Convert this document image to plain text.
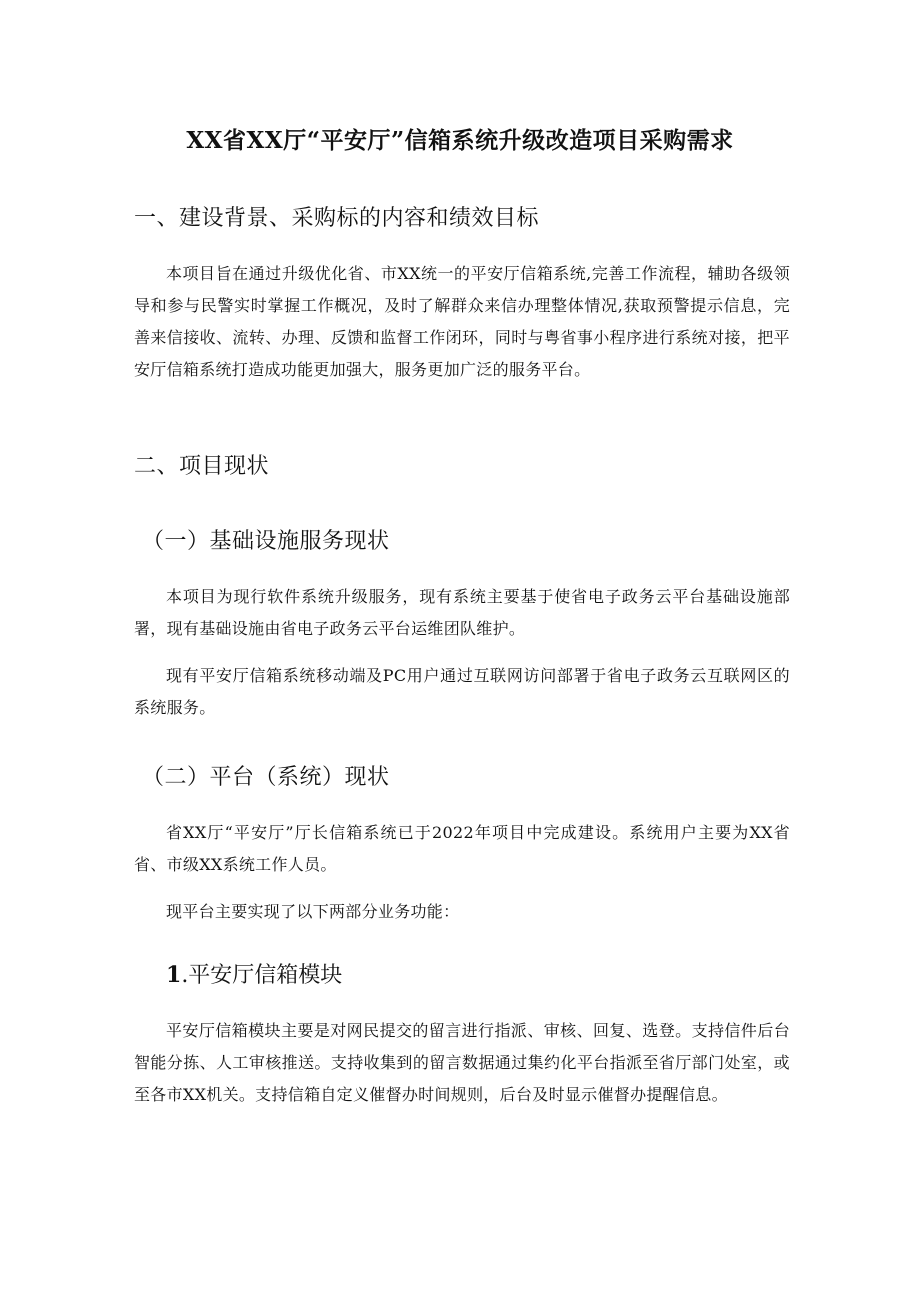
XX省XX厅“平安厅”信箱系统升级改造项目采购需求
一、建设背景、采购标的内容和绩效目标

本项目旨在通过升级优化省、市XX统一的平安厅信箱系统,完善工作流程，辅助各级领导和参与民警实时掌握工作概况，及时了解群众来信办理整体情况,获取预警提示信息，完善来信接收、流转、办理、反馈和监督工作闭环，同时与粤省事小程序进行系统对接，把平安厅信箱系统打造成功能更加强大，服务更加广泛的服务平台。

二、项目现状
（一）基础设施服务现状

本项目为现行软件系统升级服务，现有系统主要基于使省电子政务云平台基础设施部署，现有基础设施由省电子政务云平台运维团队维护。

现有平安厅信箱系统移动端及PC用户通过互联网访问部署于省电子政务云互联网区的系统服务。

（二）平台（系统）现状

省XX厅“平安厅”厅长信箱系统已于2022年项目中完成建设。系统用户主要为XX省省、市级XX系统工作人员。

现平台主要实现了以下两部分业务功能：

1.平安厅信箱模块

平安厅信箱模块主要是对网民提交的留言进行指派、审核、回复、选登。支持信件后台智能分拣、人工审核推送。支持收集到的留言数据通过集约化平台指派至省厅部门处室，或至各市XX机关。支持信箱自定义催督办时间规则，后台及时显示催督办提醒信息。
